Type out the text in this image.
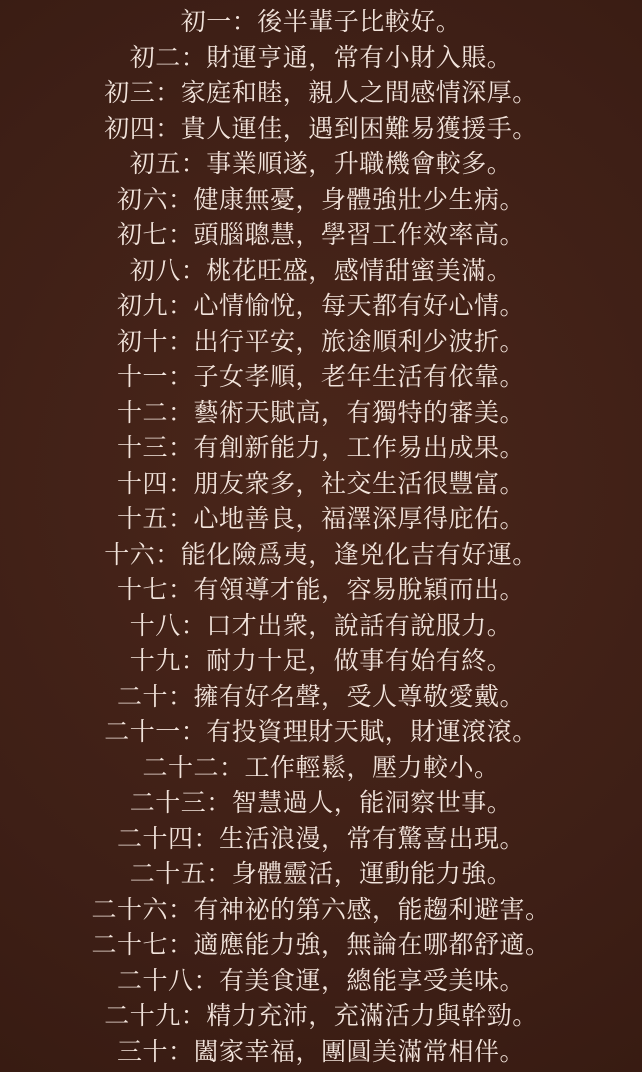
初一：後半輩子比較好。
初二：財運亨通，常有小財入賬。
初三：家庭和睦，親人之間感情深厚。
初四：貴人運佳，遇到困難易獲援手。
初五：事業順遂，升職機會較多。
初六：健康無憂，身體強壯少生病。
初七：頭腦聰慧，學習工作效率高。
初八：桃花旺盛，感情甜蜜美滿。
初九：心情愉悅，每天都有好心情。
初十：出行平安，旅途順利少波折。
十一：子女孝順，老年生活有依靠。
十二：藝術天賦高，有獨特的審美。
十三：有創新能力，工作易出成果。
十四：朋友衆多，社交生活很豐富。
十五：心地善良，福澤深厚得庇佑。
十六：能化險爲夷，逢兇化吉有好運。
十七：有領導才能，容易脫穎而出。
十八：口才出衆，說話有說服力。
十九：耐力十足，做事有始有終。
二十：擁有好名聲，受人尊敬愛戴。
二十一：有投資理財天賦，財運滾滾。
二十二：工作輕鬆，壓力較小。
二十三：智慧過人，能洞察世事。
二十四：生活浪漫，常有驚喜出現。
二十五：身體靈活，運動能力強。
二十六：有神祕的第六感，能趨利避害。
二十七：適應能力強，無論在哪都舒適。
二十八：有美食運，總能享受美味。
二十九：精力充沛，充滿活力與幹勁。
三十：闔家幸福，團圓美滿常相伴。
